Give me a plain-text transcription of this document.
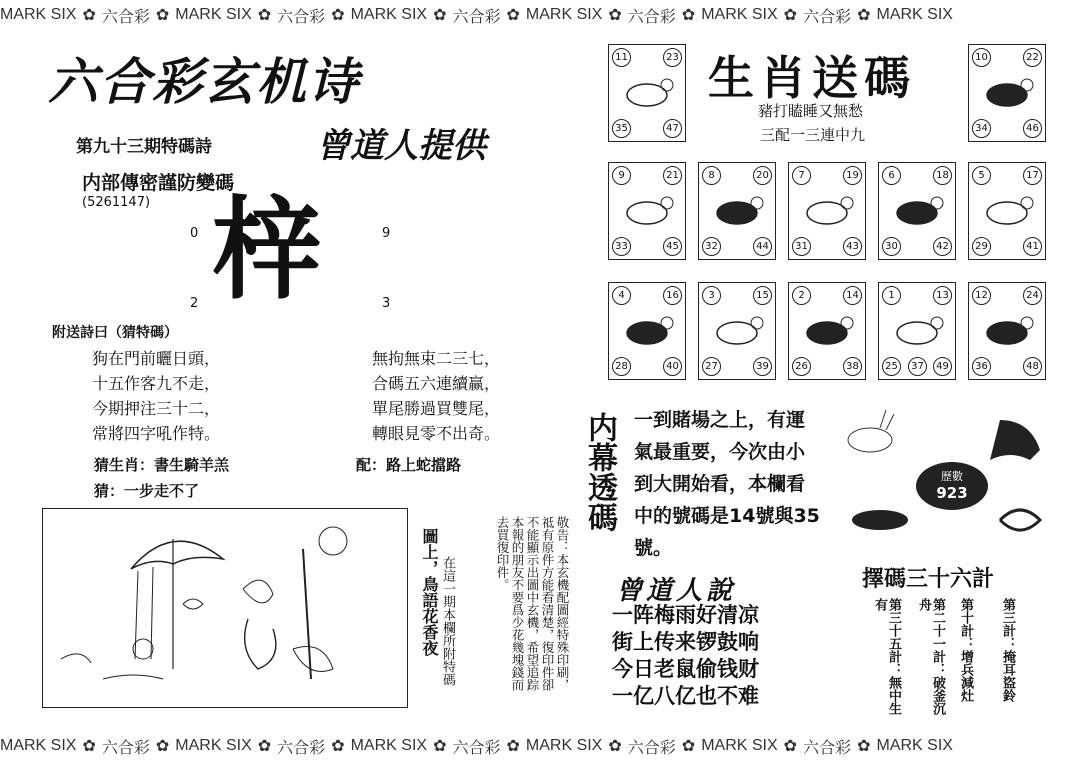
MARK SIX ✿ 六合彩 ✿ MARK SIX ✿ 六合彩 ✿ MARK SIX ✿ 六合彩 ✿ MARK SIX ✿ 六合彩 ✿ MARK SIX ✿ 六合彩 ✿ MARK SIX
MARK SIX ✿ 六合彩 ✿ MARK SIX ✿ 六合彩 ✿ MARK SIX ✿ 六合彩 ✿ MARK SIX ✿ 六合彩 ✿ MARK SIX ✿ 六合彩 ✿ MARK SIX
六合彩玄机诗
第九十三期特碼詩	曾道人提供
内部傳密謹防變碼
(5261147) 梓
0	9
2	3
附送詩曰（猜特碼）
狗在門前曬日頭，
十五作客九不走，
今期押注三十二，
常將四字吼作特。
無拘無束二三七，
合碼五六連續赢，
單尾勝過買雙尾，
轉眼見零不出奇。
猜生肖：書生騎羊羔	配：路上蛇擋路
猜：一步走不了
圖上，鳥語花香夜 在這一期本欄所附特碼	敬告：本玄機配圖經特殊印刷，祗有原件方能看清楚，復印件卻不能顯示出圖中玄機，希望追踪本報的朋友不要爲少花幾塊錢而去買復印件。
生肖送碼
豬打瞌睡又無愁
三配一三連中九
11	23
35	47
10	22
34	46
9	21
33	45
8	20
32	44
7	19
31	43
6	18
30	42
5	17
29	41
4	16
28	40
3	15
27	39
2	14
26	38
1	13
25	37	49
12	24
36	48
内幕透碼 一到賭場之上，有運
氣最重要，今次由小
到大開始看，本欄看
中的號碼是14號與35
號。
歷數
923
曾道人說
一阵梅雨好清凉
街上传来锣鼓响
今日老鼠偷钱财
一亿八亿也不难
擇碼三十六計
第三計：掩耳盜鈴
第十計：增兵減灶
第二十一計：破釜沉舟
第三十五計：無中生有
